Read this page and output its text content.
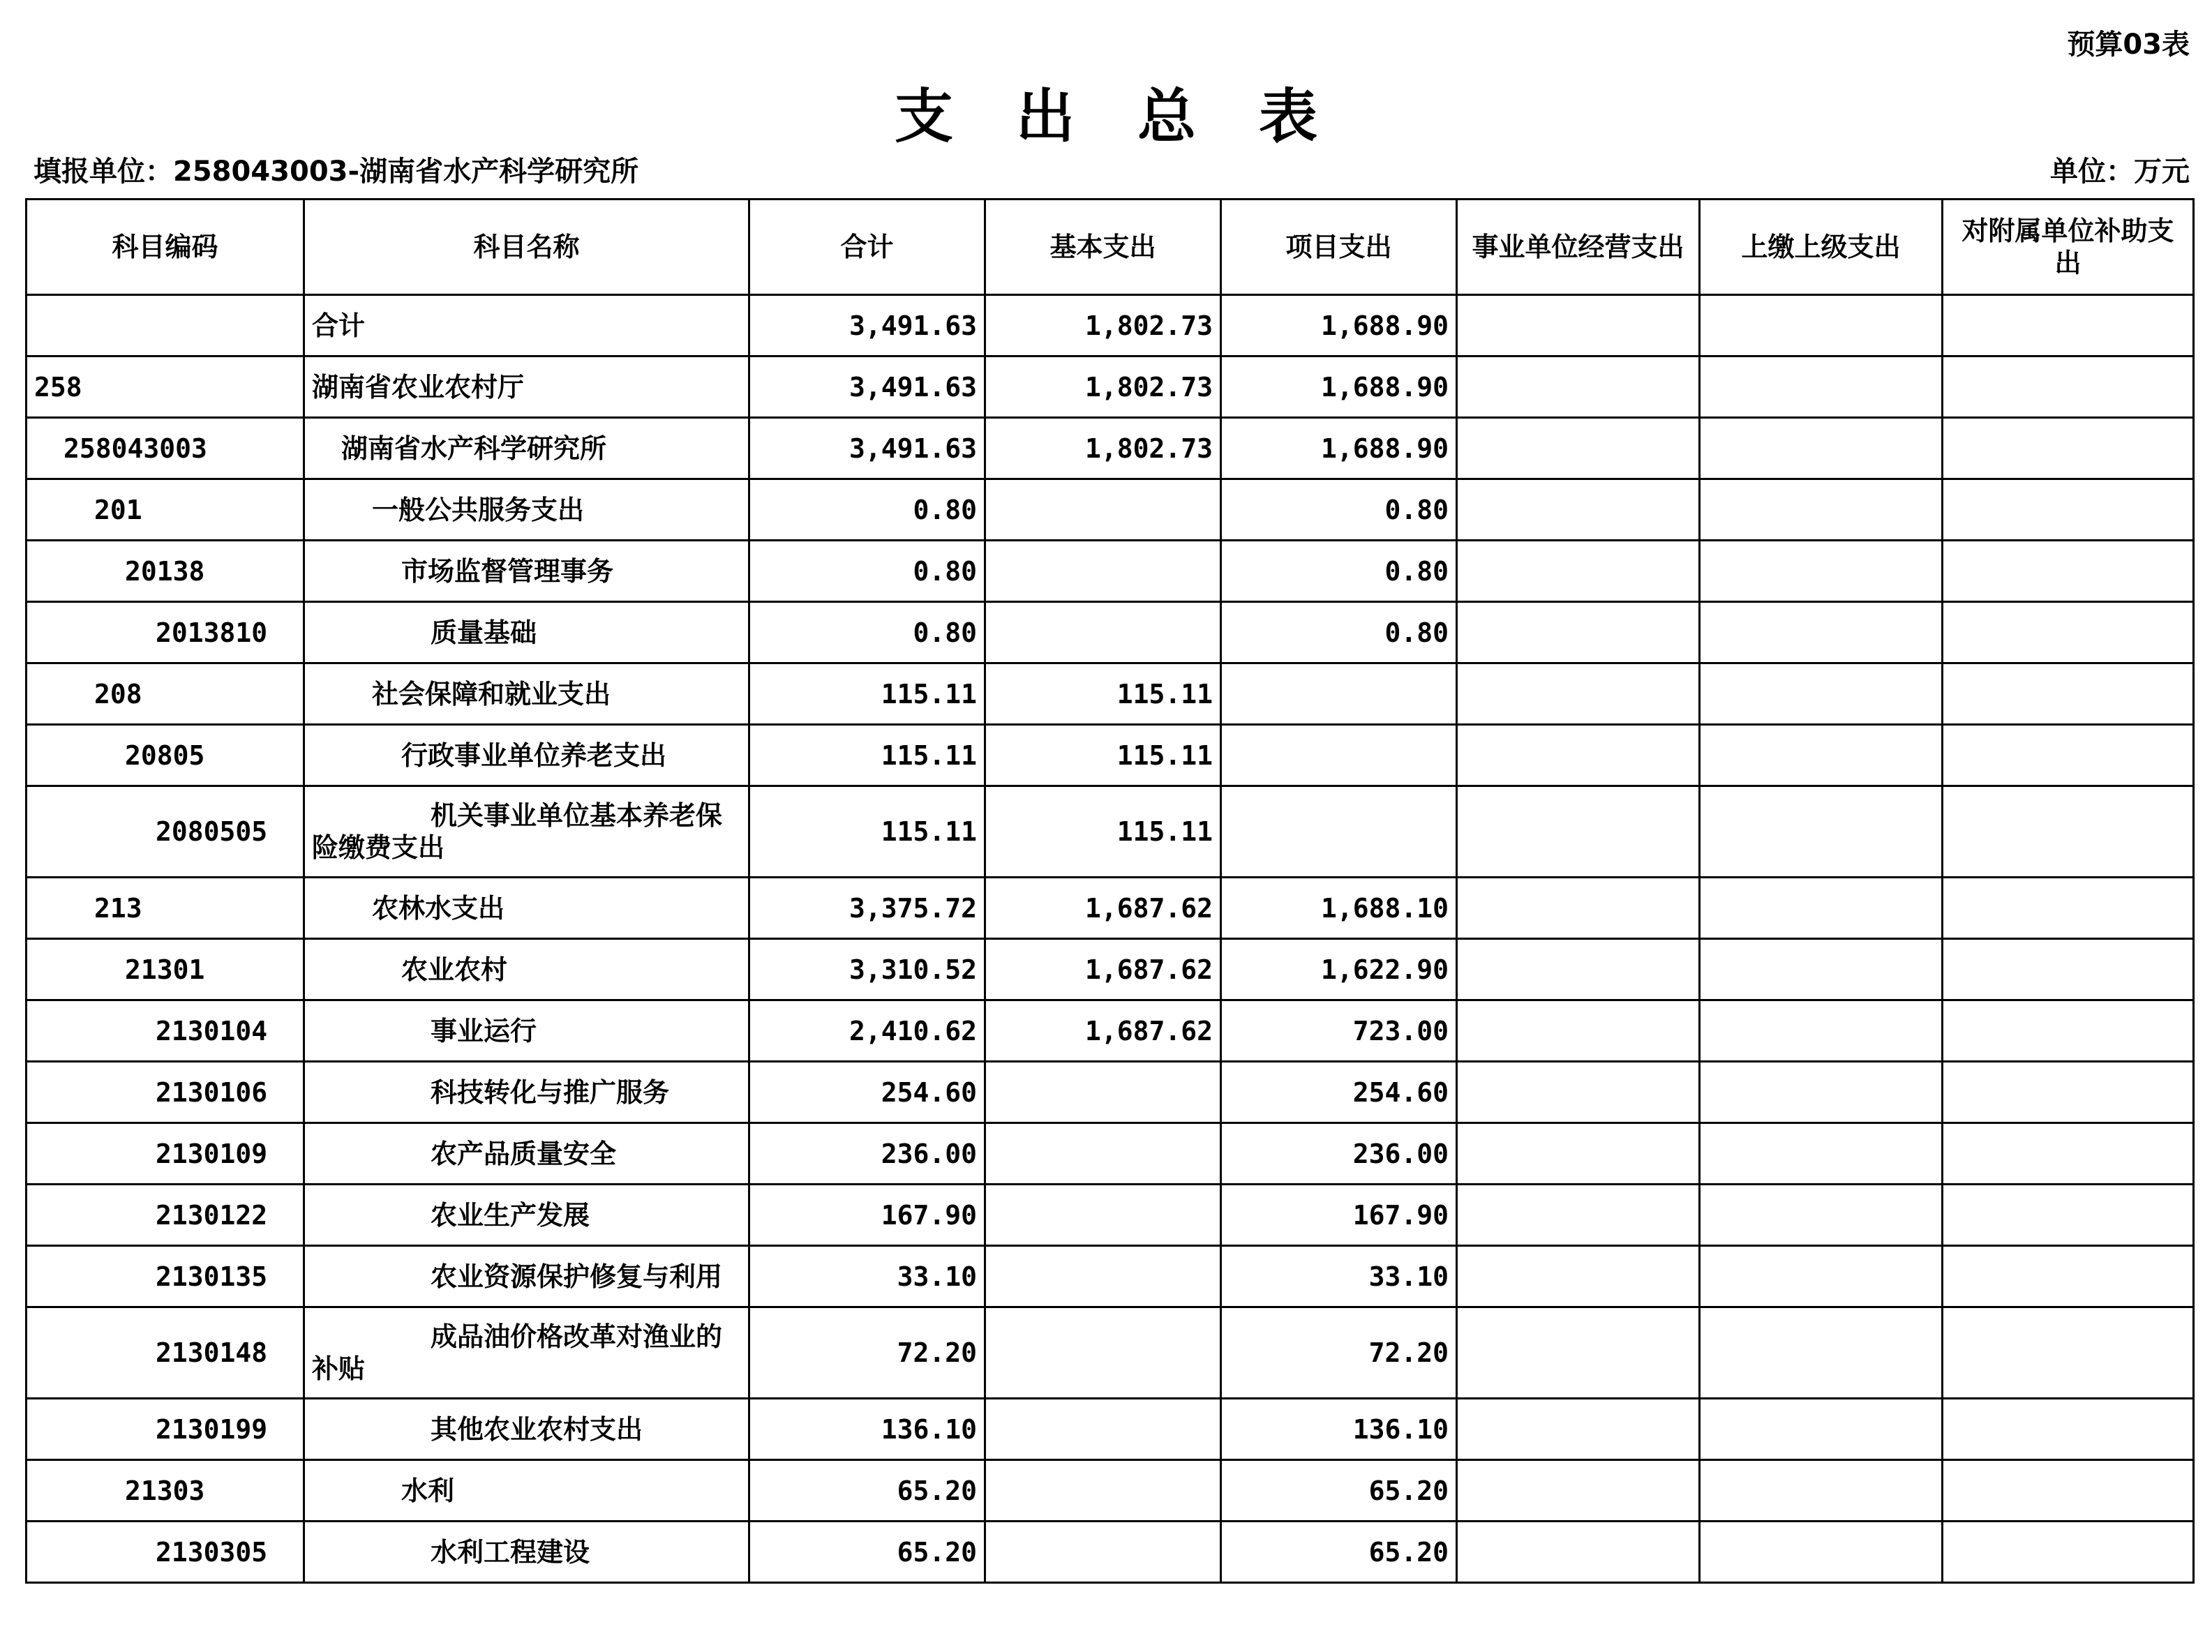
预算03表
支出总表
填报单位：258043003-湖南省水产科学研究所	单位：万元
科目编码	科目名称	合计	基本支出	项目支出	事业单位经营支出	上缴上级支出	对附属单位补助支出
	合计	3,491.63	1,802.73	1,688.90			
258	湖南省农业农村厅	3,491.63	1,802.73	1,688.90			
258043003	湖南省水产科学研究所	3,491.63	1,802.73	1,688.90			
201	一般公共服务支出	0.80		0.80			
20138	市场监督管理事务	0.80		0.80			
2013810	质量基础	0.80		0.80			
208	社会保障和就业支出	115.11	115.11				
20805	行政事业单位养老支出	115.11	115.11				
2080505	机关事业单位基本养老保险缴费支出	115.11	115.11				
213	农林水支出	3,375.72	1,687.62	1,688.10			
21301	农业农村	3,310.52	1,687.62	1,622.90			
2130104	事业运行	2,410.62	1,687.62	723.00			
2130106	科技转化与推广服务	254.60		254.60			
2130109	农产品质量安全	236.00		236.00			
2130122	农业生产发展	167.90		167.90			
2130135	农业资源保护修复与利用	33.10		33.10			
2130148	成品油价格改革对渔业的补贴	72.20		72.20			
2130199	其他农业农村支出	136.10		136.10			
21303	水利	65.20		65.20			
2130305	水利工程建设	65.20		65.20			
